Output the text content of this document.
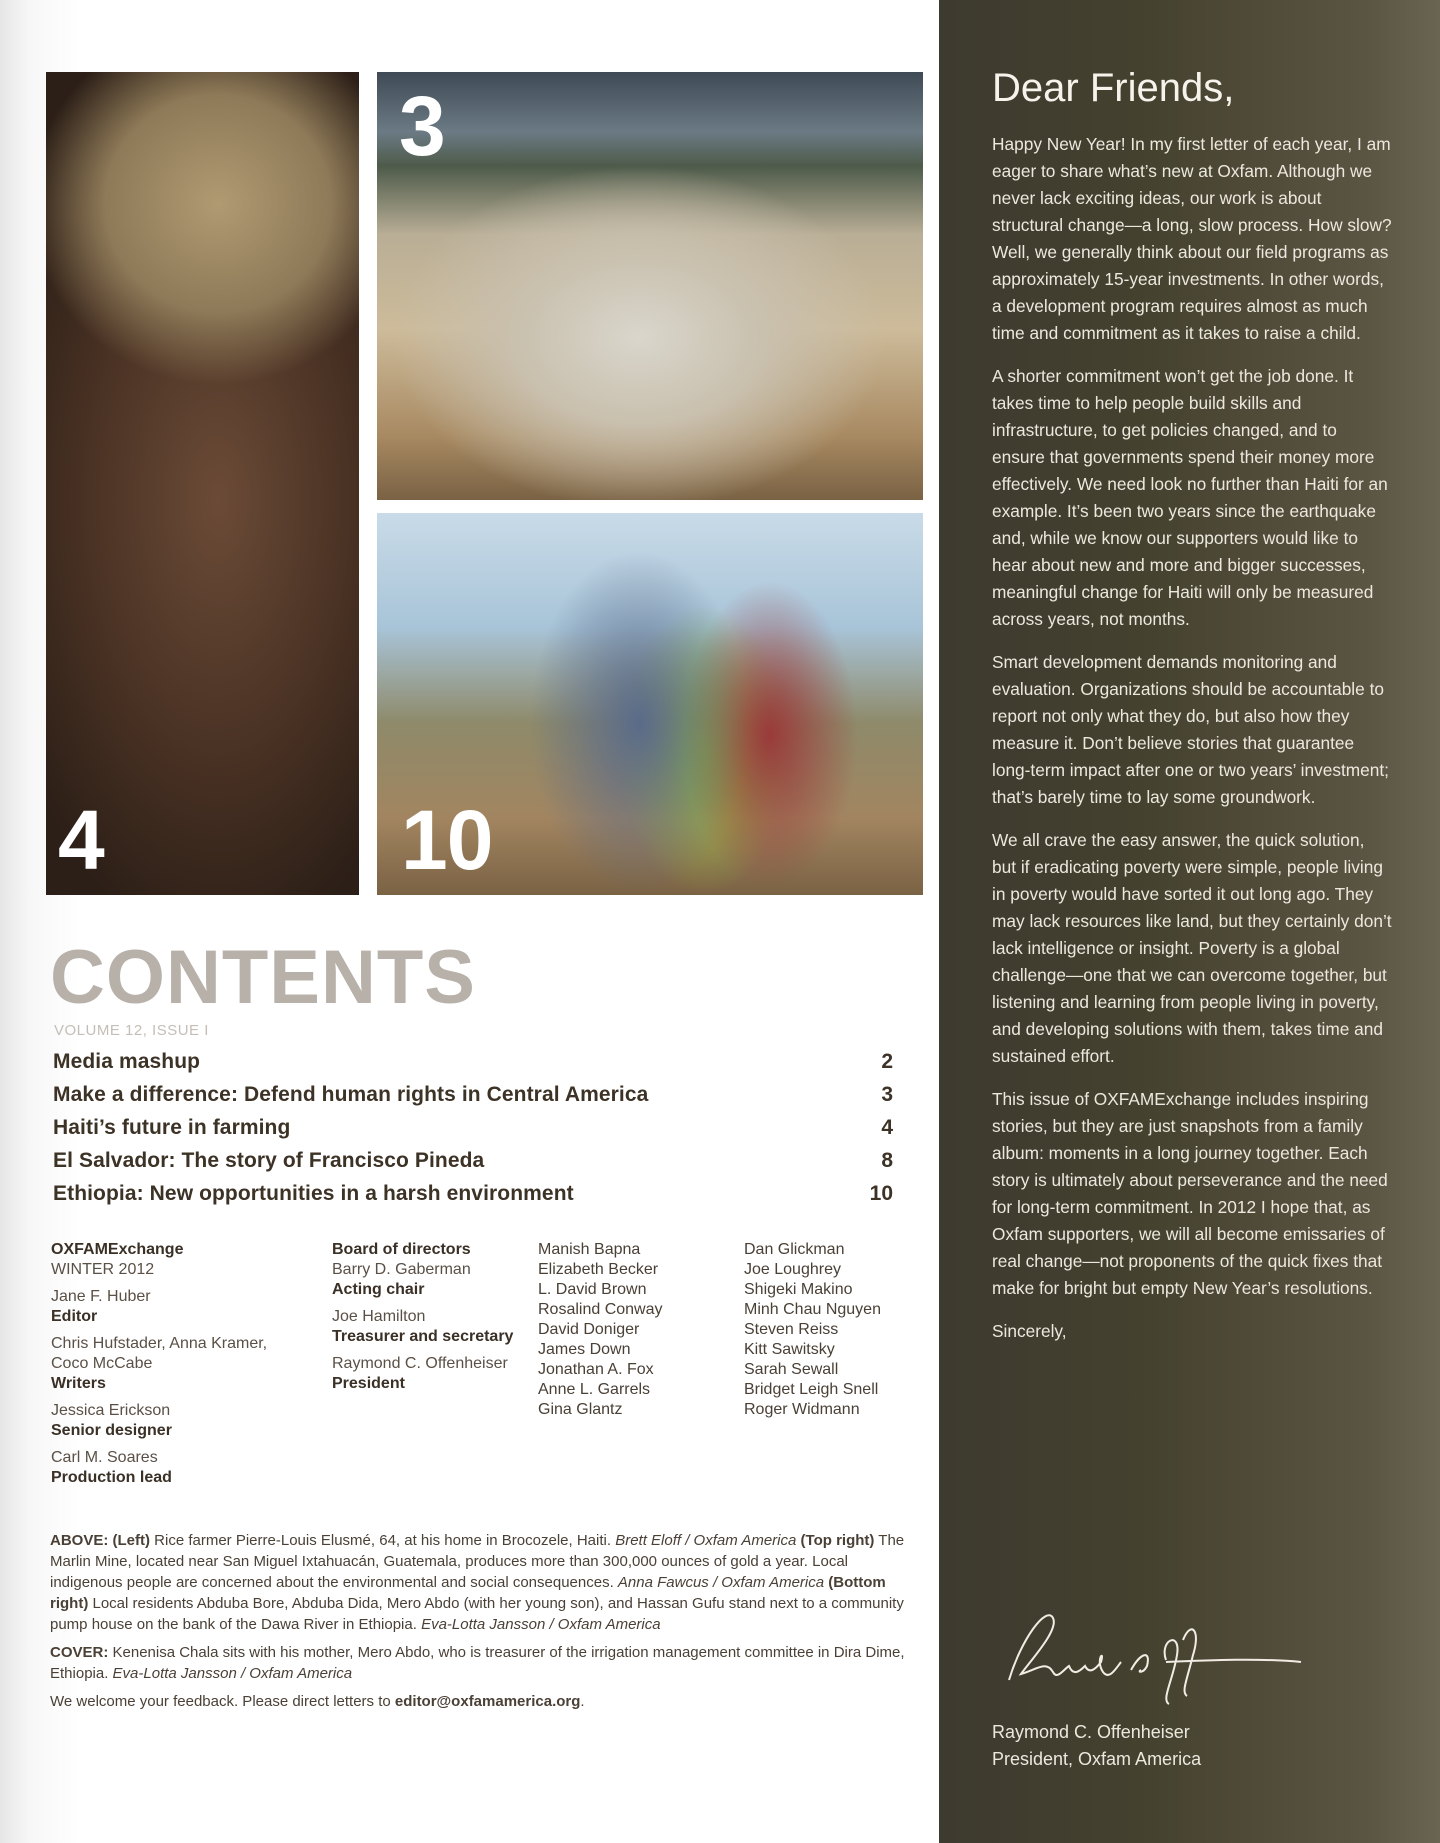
4
3
10
CONTENTS
VOLUME 12, ISSUE I
Media mashup	2
Make a difference: Defend human rights in Central America	3
Haiti’s future in farming	4
El Salvador: The story of Francisco Pineda	8
Ethiopia: New opportunities in a harsh environment	10
OXFAMExchange
WINTER 2012
Jane F. Huber
Editor
Chris Hufstader, Anna Kramer, Coco McCabe
Writers
Jessica Erickson
Senior designer
Carl M. Soares
Production lead
Board of directors
Barry D. Gaberman
Acting chair
Joe Hamilton
Treasurer and secretary
Raymond C. Offenheiser
President
Manish Bapna
Elizabeth Becker
L. David Brown
Rosalind Conway
David Doniger
James Down
Jonathan A. Fox
Anne L. Garrels
Gina Glantz
Dan Glickman
Joe Loughrey
Shigeki Makino
Minh Chau Nguyen
Steven Reiss
Kitt Sawitsky
Sarah Sewall
Bridget Leigh Snell
Roger Widmann

ABOVE: (Left) Rice farmer Pierre-Louis Elusmé, 64, at his home in Brocozele, Haiti. Brett Eloff / Oxfam America (Top right) The Marlin Mine, located near San Miguel Ixtahuacán, Guatemala, produces more than 300,000 ounces of gold a year. Local indigenous people are concerned about the environmental and social consequences. Anna Fawcus / Oxfam America (Bottom right) Local residents Abduba Bore, Abduba Dida, Mero Abdo (with her young son), and Hassan Gufu stand next to a community pump house on the bank of the Dawa River in Ethiopia. Eva-Lotta Jansson / Oxfam America

COVER: Kenenisa Chala sits with his mother, Mero Abdo, who is treasurer of the irrigation management committee in Dira Dime, Ethiopia. Eva-Lotta Jansson / Oxfam America

We welcome your feedback. Please direct letters to editor@oxfamamerica.org.

Dear Friends,

Happy New Year! In my first letter of each year, I am eager to share what’s new at Oxfam. Although we never lack exciting ideas, our work is about structural change—a long, slow process. How slow? Well, we generally think about our field programs as approximately 15-year investments. In other words, a development program requires almost as much time and commitment as it takes to raise a child.

A shorter commitment won’t get the job done. It takes time to help people build skills and infrastructure, to get policies changed, and to ensure that governments spend their money more effectively. We need look no further than Haiti for an example. It’s been two years since the earthquake and, while we know our supporters would like to hear about new and more and bigger successes, meaningful change for Haiti will only be measured across years, not months.

Smart development demands monitoring and evaluation. Organizations should be accountable to report not only what they do, but also how they measure it. Don’t believe stories that guarantee long-term impact after one or two years’ investment; that’s barely time to lay some groundwork.

We all crave the easy answer, the quick solution, but if eradicating poverty were simple, people living in poverty would have sorted it out long ago. They may lack resources like land, but they certainly don’t lack intelligence or insight. Poverty is a global challenge—one that we can overcome together, but listening and learning from people living in poverty, and developing solutions with them, takes time and sustained effort.

This issue of OXFAMExchange includes inspiring stories, but they are just snapshots from a family album: moments in a long journey together. Each story is ultimately about perseverance and the need for long-term commitment. In 2012 I hope that, as Oxfam supporters, we will all become emissaries of real change—not proponents of the quick fixes that make for bright but empty New Year’s resolutions.

Sincerely,

Raymond C. Offenheiser
President, Oxfam America
